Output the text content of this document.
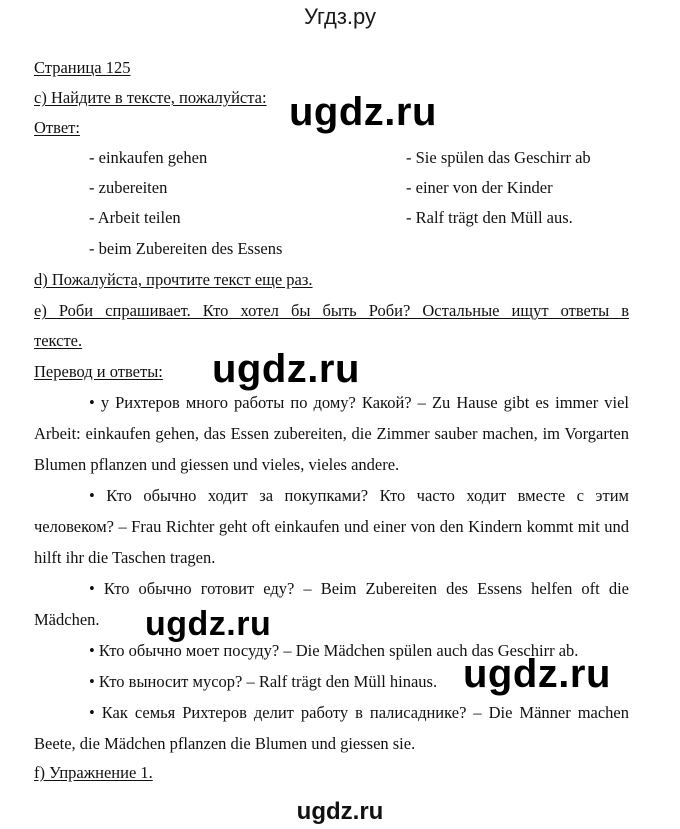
Угдз.ру
Страница 125
с) Найдите в тексте, пожалуйста:
Ответ:
- einkaufen gehen
- zubereiten
- Arbeit teilen
- beim Zubereiten des Essens
- Sie spülen das Geschirr ab
- einer von der Kinder
- Ralf trägt den Müll aus.
d) Пожалуйста, прочтите текст еще раз.
e) Роби спрашивает. Кто хотел бы быть Роби? Остальные ищут ответы в
тексте.
Перевод и ответы:
• у Рихтеров много работы по дому? Какой? – Zu Hause gibt es immer viel Arbeit: einkaufen gehen, das Essen zubereiten, die Zimmer sauber machen, im Vorgarten Blumen pflanzen und giessen und vieles, vieles andere.
• Кто обычно ходит за покупками? Кто часто ходит вместе с этим человеком? – Frau Richter geht oft einkaufen und einer von den Kindern kommt mit und hilft ihr die Taschen tragen.
• Кто обычно готовит еду? – Beim Zubereiten des Essens helfen oft die Mädchen.
• Кто обычно моет посуду? – Die Mädchen spülen auch das Geschirr ab.
• Кто выносит мусор? – Ralf trägt den Müll hinaus.
• Как семья Рихтеров делит работу в палисаднике? – Die Männer machen Beete, die Mädchen pflanzen die Blumen und giessen sie.
f) Упражнение 1.
ugdz.ru
ugdz.ru
ugdz.ru
ugdz.ru
ugdz.ru
